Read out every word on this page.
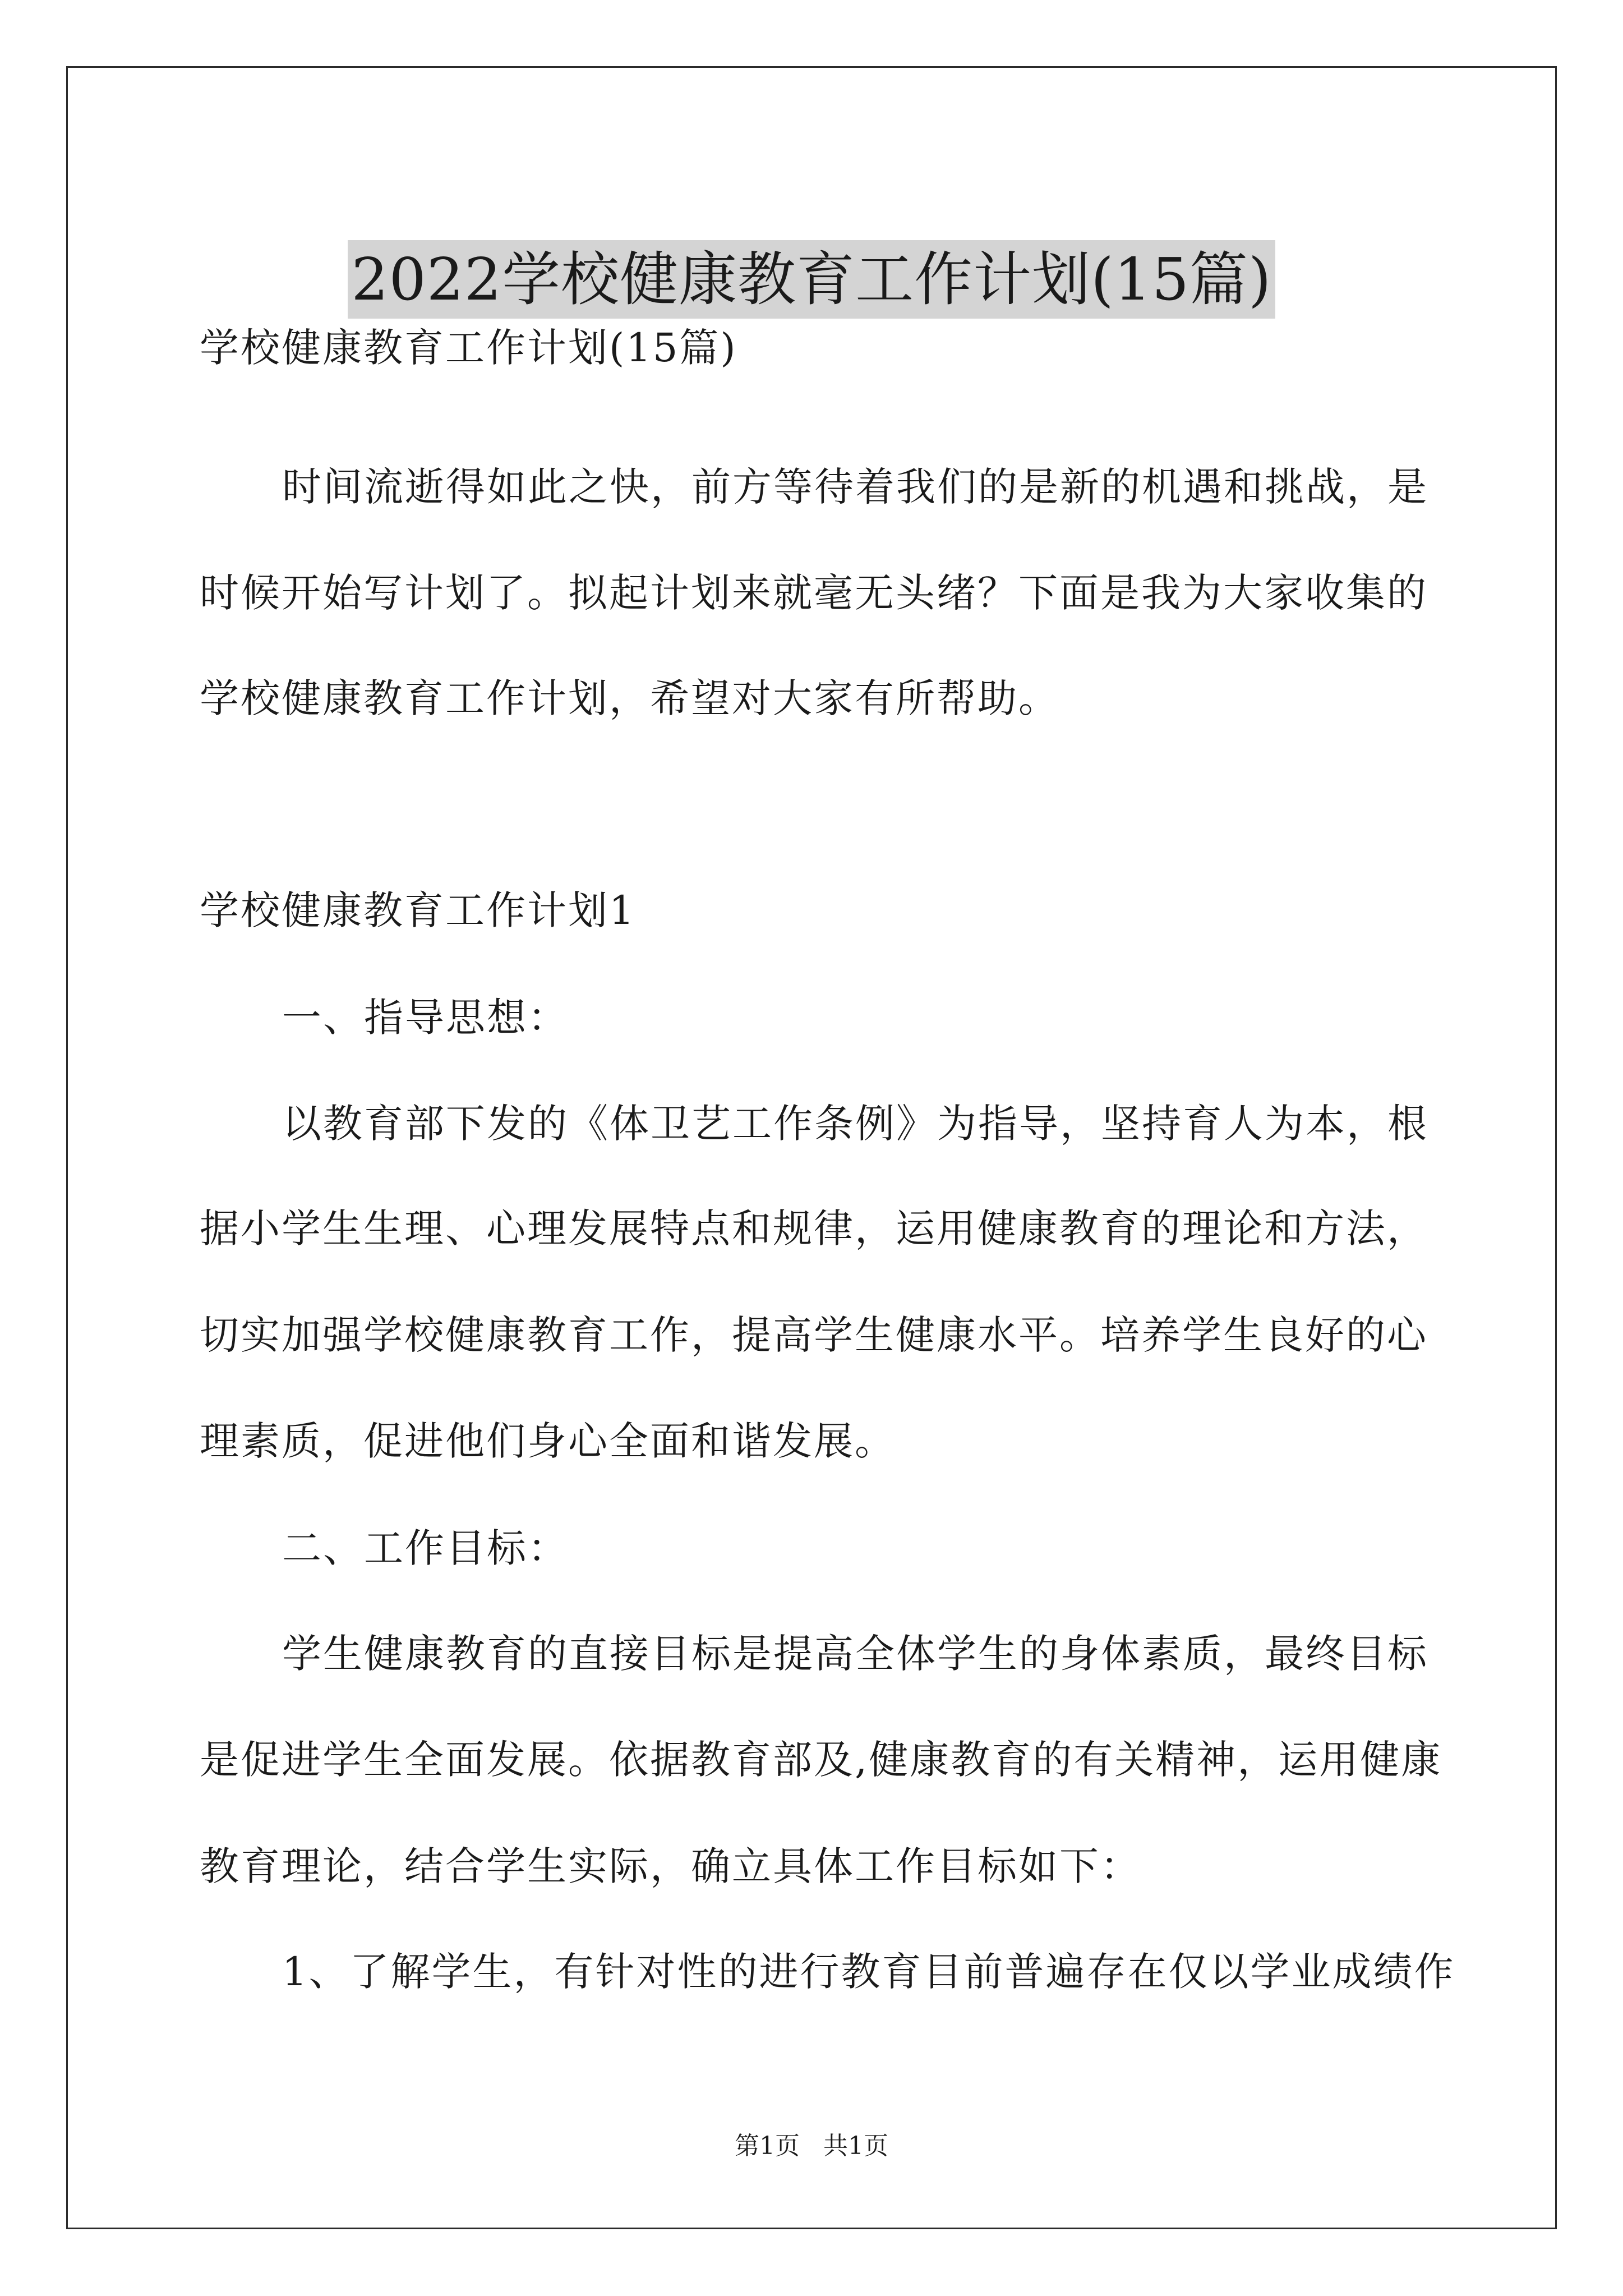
2022学校健康教育工作计划(15篇)
学校健康教育工作计划(15篇)
时间流逝得如此之快，前方等待着我们的是新的机遇和挑战，是
时候开始写计划了。拟起计划来就毫无头绪？下面是我为大家收集的
学校健康教育工作计划，希望对大家有所帮助。
学校健康教育工作计划1
一、指导思想：
以教育部下发的《体卫艺工作条例》为指导，坚持育人为本，根
据小学生生理、心理发展特点和规律，运用健康教育的理论和方法，
切实加强学校健康教育工作，提高学生健康水平。培养学生良好的心
理素质，促进他们身心全面和谐发展。
二、工作目标：
学生健康教育的直接目标是提高全体学生的身体素质，最终目标
是促进学生全面发展。依据教育部及,健康教育的有关精神，运用健康
教育理论，结合学生实际，确立具体工作目标如下：
1、了解学生，有针对性的进行教育目前普遍存在仅以学业成绩作
第1页   共1页
